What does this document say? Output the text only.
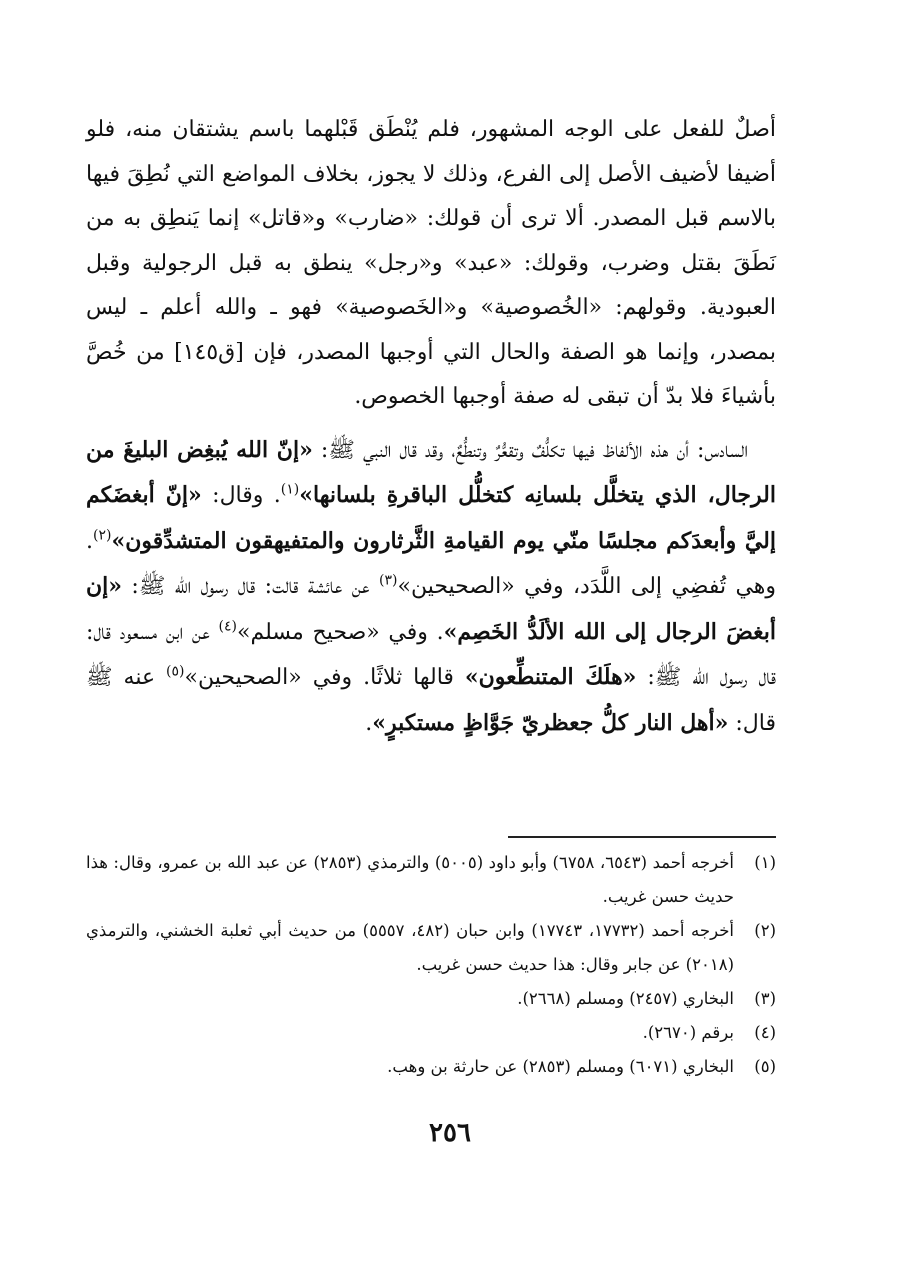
أصلٌ للفعل على الوجه المشهور، فلم يُنْطَق قَبْلهما باسم يشتقان منه، فلو أضيفا لأضيف الأصل إلى الفرع، وذلك لا يجوز، بخلاف المواضع التي نُطِقَ فيها بالاسم قبل المصدر. ألا ترى أن قولك: «ضارب» و«قاتل» إنما يَنطِق به من نَطَقَ بقتل وضرب، وقولك: «عبد» و«رجل» ينطق به قبل الرجولية وقبل العبودية. وقولهم: «الخُصوصية» و«الخَصوصية» فهو ـ والله أعلم ـ ليس بمصدر، وإنما هو الصفة والحال التي أوجبها المصدر، فإن [ق١٤٥] من خُصَّ بأشياءَ فلا بدّ أن تبقى له صفة أوجبها الخصوص.

السادس: أن هذه الألفاظ فيها تكلُّفٌ وتقعُّرٌ وتنطُّعٌ، وقد قال النبي ﷺ: «إنّ الله يُبغِض البليغَ من الرجال، الذي يتخلَّل بلسانِه كتخلُّل الباقرةِ بلسانها»$^{(١)}$. وقال: «إنّ أبغضَكم إليَّ وأبعدَكم مجلسًا منّي يوم القيامةِ الثَّرثارون والمتفيهقون المتشدِّقون»$^{(٢)}$. وهي تُفضِي إلى اللَّدَد، وفي «الصحيحين»$^{(٣)}$ عن عائشة قالت: قال رسول الله ﷺ: «إن أبغضَ الرجال إلى الله الألَدُّ الخَصِم». وفي «صحيح مسلم»$^{(٤)}$ عن ابن مسعود قال: قال رسول الله ﷺ: «هلَكَ المتنطِّعون» قالها ثلاثًا. وفي «الصحيحين»$^{(٥)}$ عنه ﷺ قال: «أهل النار كلُّ جعظريّ جَوَّاظٍ مستكبرٍ».

(١)
أخرجه أحمد (٦٥٤٣، ٦٧٥٨) وأبو داود (٥٠٠٥) والترمذي (٢٨٥٣) عن عبد الله بن عمرو، وقال: هذا حديث حسن غريب.
(٢)
أخرجه أحمد (١٧٧٣٢، ١٧٧٤٣) وابن حبان (٤٨٢، ٥٥٥٧) من حديث أبي ثعلبة الخشني، والترمذي (٢٠١٨) عن جابر وقال: هذا حديث حسن غريب.
(٣)
البخاري (٢٤٥٧) ومسلم (٢٦٦٨).
(٤)
برقم (٢٦٧٠).
(٥)
البخاري (٦٠٧١) ومسلم (٢٨٥٣) عن حارثة بن وهب.
٢٥٦
